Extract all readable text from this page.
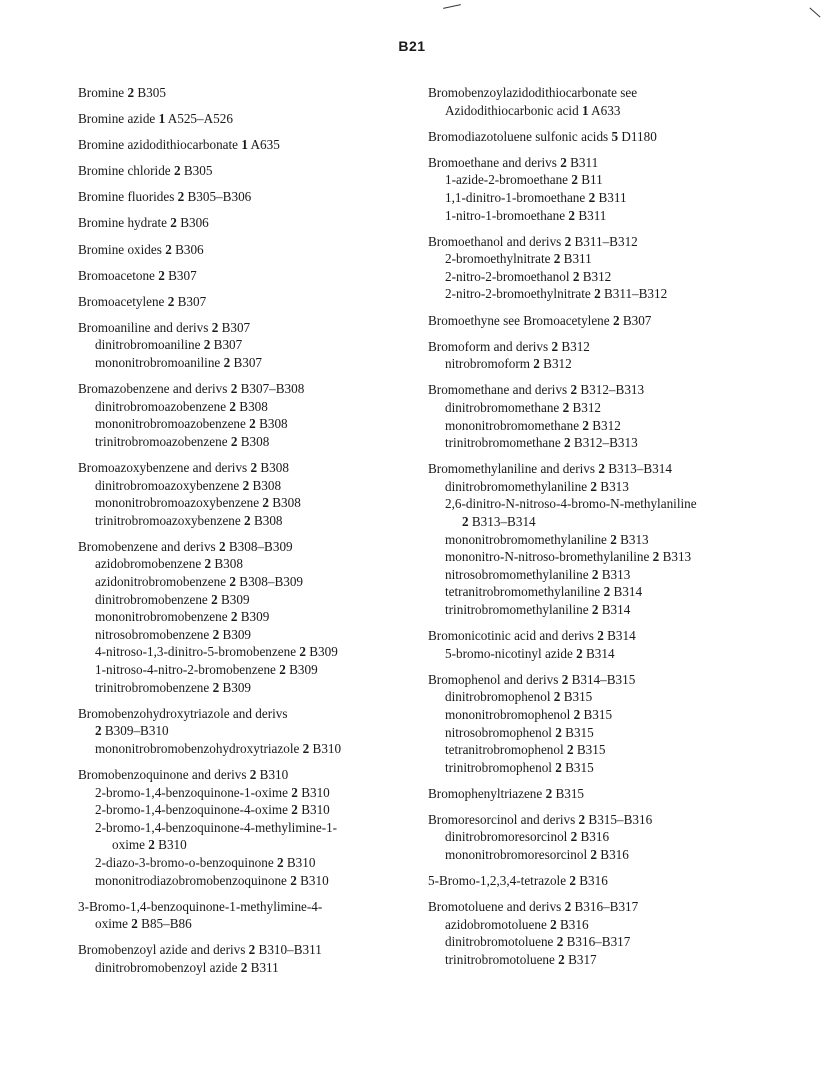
B21
Bromine 2 B305
Bromine azide 1 A525–A526
Bromine azidodithiocarbonate 1 A635
Bromine chloride 2 B305
Bromine fluorides 2 B305–B306
Bromine hydrate 2 B306
Bromine oxides 2 B306
Bromoacetone 2 B307
Bromoacetylene 2 B307
Bromoaniline and derivs 2 B307
dinitrobromoaniline 2 B307
mononitrobromoaniline 2 B307
Bromazobenzene and derivs 2 B307–B308
dinitrobromoazobenzene 2 B308
mononitrobromoazobenzene 2 B308
trinitrobromoazobenzene 2 B308
Bromoazoxybenzene and derivs 2 B308
dinitrobromoazoxybenzene 2 B308
mononitrobromoazoxybenzene 2 B308
trinitrobromoazoxybenzene 2 B308
Bromobenzene and derivs 2 B308–B309
azidobromobenzene 2 B308
azidonitrobromobenzene 2 B308–B309
dinitrobromobenzene 2 B309
mononitrobromobenzene 2 B309
nitrosobromobenzene 2 B309
4-nitroso-1,3-dinitro-5-bromobenzene 2 B309
1-nitroso-4-nitro-2-bromobenzene 2 B309
trinitrobromobenzene 2 B309
Bromobenzohydroxytriazole and derivs
2 B309–B310
mononitrobromobenzohydroxytriazole 2 B310
Bromobenzoquinone and derivs 2 B310
2-bromo-1,4-benzoquinone-1-oxime 2 B310
2-bromo-1,4-benzoquinone-4-oxime 2 B310
2-bromo-1,4-benzoquinone-4-methylimine-1-
oxime 2 B310
2-diazo-3-bromo-o-benzoquinone 2 B310
mononitrodiazobromobenzoquinone 2 B310
3-Bromo-1,4-benzoquinone-1-methylimine-4-
oxime 2 B85–B86
Bromobenzoyl azide and derivs 2 B310–B311
dinitrobromobenzoyl azide 2 B311
Bromobenzoylazidodithiocarbonate see
Azidodithiocarbonic acid 1 A633
Bromodiazotoluene sulfonic acids 5 D1180
Bromoethane and derivs 2 B311
1-azide-2-bromoethane 2 B11
1,1-dinitro-1-bromoethane 2 B311
1-nitro-1-bromoethane 2 B311
Bromoethanol and derivs 2 B311–B312
2-bromoethylnitrate 2 B311
2-nitro-2-bromoethanol 2 B312
2-nitro-2-bromoethylnitrate 2 B311–B312
Bromoethyne see Bromoacetylene 2 B307
Bromoform and derivs 2 B312
nitrobromoform 2 B312
Bromomethane and derivs 2 B312–B313
dinitrobromomethane 2 B312
mononitrobromomethane 2 B312
trinitrobromomethane 2 B312–B313
Bromomethylaniline and derivs 2 B313–B314
dinitrobromomethylaniline 2 B313
2,6-dinitro-N-nitroso-4-bromo-N-methylaniline
2 B313–B314
mononitrobromomethylaniline 2 B313
mononitro-N-nitroso-bromethylaniline 2 B313
nitrosobromomethylaniline 2 B313
tetranitrobromomethylaniline 2 B314
trinitrobromomethylaniline 2 B314
Bromonicotinic acid and derivs 2 B314
5-bromo-nicotinyl azide 2 B314
Bromophenol and derivs 2 B314–B315
dinitrobromophenol 2 B315
mononitrobromophenol 2 B315
nitrosobromophenol 2 B315
tetranitrobromophenol 2 B315
trinitrobromophenol 2 B315
Bromophenyltriazene 2 B315
Bromoresorcinol and derivs 2 B315–B316
dinitrobromoresorcinol 2 B316
mononitrobromoresorcinol 2 B316
5-Bromo-1,2,3,4-tetrazole 2 B316
Bromotoluene and derivs 2 B316–B317
azidobromotoluene 2 B316
dinitrobromotoluene 2 B316–B317
trinitrobromotoluene 2 B317
